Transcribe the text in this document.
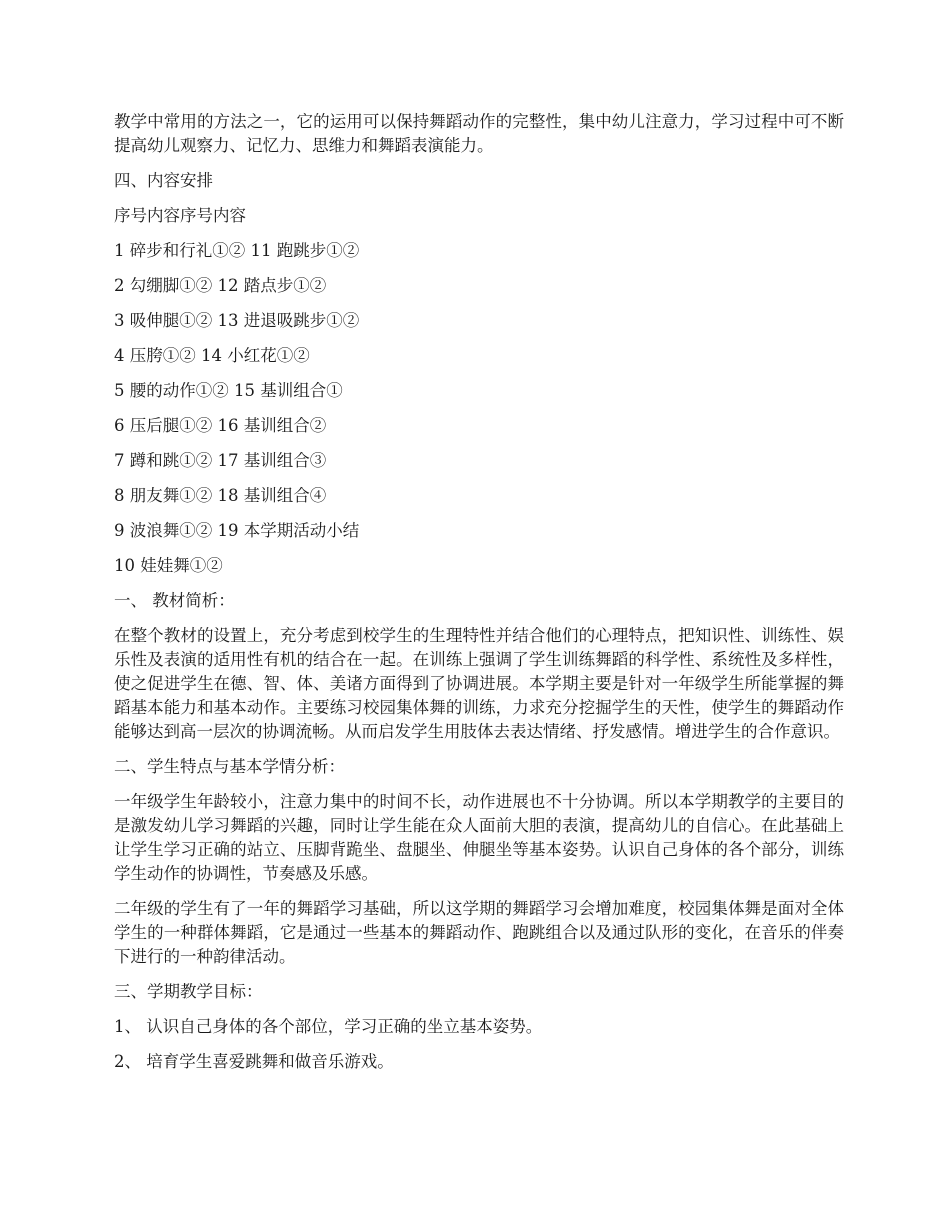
教学中常用的方法之一，它的运用可以保持舞蹈动作的完整性，集中幼儿注意力，学习过程中可不断提高幼儿观察力、记忆力、思维力和舞蹈表演能力。

四、内容安排

序号内容序号内容

1 碎步和行礼①② 11 跑跳步①②

2 勾绷脚①② 12 踏点步①②

3 吸伸腿①② 13 进退吸跳步①②

4 压胯①② 14 小红花①②

5 腰的动作①② 15 基训组合①

6 压后腿①② 16 基训组合②

7 蹲和跳①② 17 基训组合③

8 朋友舞①② 18 基训组合④

9 波浪舞①② 19 本学期活动小结

10 娃娃舞①②

一、 教材简析：

在整个教材的设置上，充分考虑到校学生的生理特性并结合他们的心理特点，把知识性、训练性、娱乐性及表演的适用性有机的结合在一起。在训练上强调了学生训练舞蹈的科学性、系统性及多样性，使之促进学生在德、智、体、美诸方面得到了协调进展。本学期主要是针对一年级学生所能掌握的舞蹈基本能力和基本动作。主要练习校园集体舞的训练，力求充分挖掘学生的天性，使学生的舞蹈动作能够达到高一层次的协调流畅。从而启发学生用肢体去表达情绪、抒发感情。增进学生的合作意识。

二、学生特点与基本学情分析：

一年级学生年龄较小，注意力集中的时间不长，动作进展也不十分协调。所以本学期教学的主要目的是激发幼儿学习舞蹈的兴趣，同时让学生能在众人面前大胆的表演，提高幼儿的自信心。在此基础上让学生学习正确的站立、压脚背跪坐、盘腿坐、伸腿坐等基本姿势。认识自己身体的各个部分，训练学生动作的协调性，节奏感及乐感。

二年级的学生有了一年的舞蹈学习基础，所以这学期的舞蹈学习会增加难度，校园集体舞是面对全体学生的一种群体舞蹈，它是通过一些基本的舞蹈动作、跑跳组合以及通过队形的变化，在音乐的伴奏下进行的一种韵律活动。

三、学期教学目标：

1、 认识自己身体的各个部位，学习正确的坐立基本姿势。

2、 培育学生喜爱跳舞和做音乐游戏。
